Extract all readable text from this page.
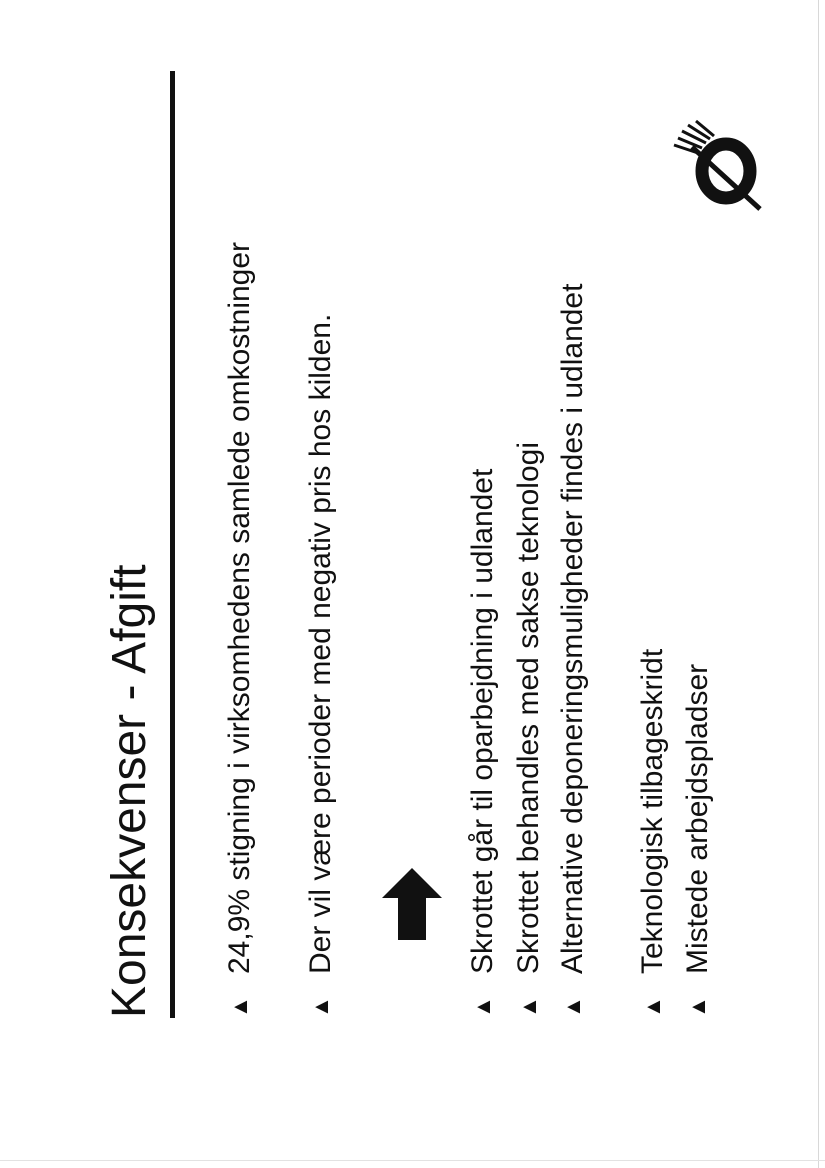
Konsekvenser - Afgift	▲
24,9% stigning i virksomhedens samlede omkostninger
▲
Der vil være perioder med negativ pris hos kilden.
▲
Skrottet går til oparbejdning i udlandet
▲
Skrottet behandles med sakse teknologi
▲
Alternative deponeringsmuligheder findes i udlandet
▲
Teknologisk tilbageskridt
▲
Mistede arbejdspladser
